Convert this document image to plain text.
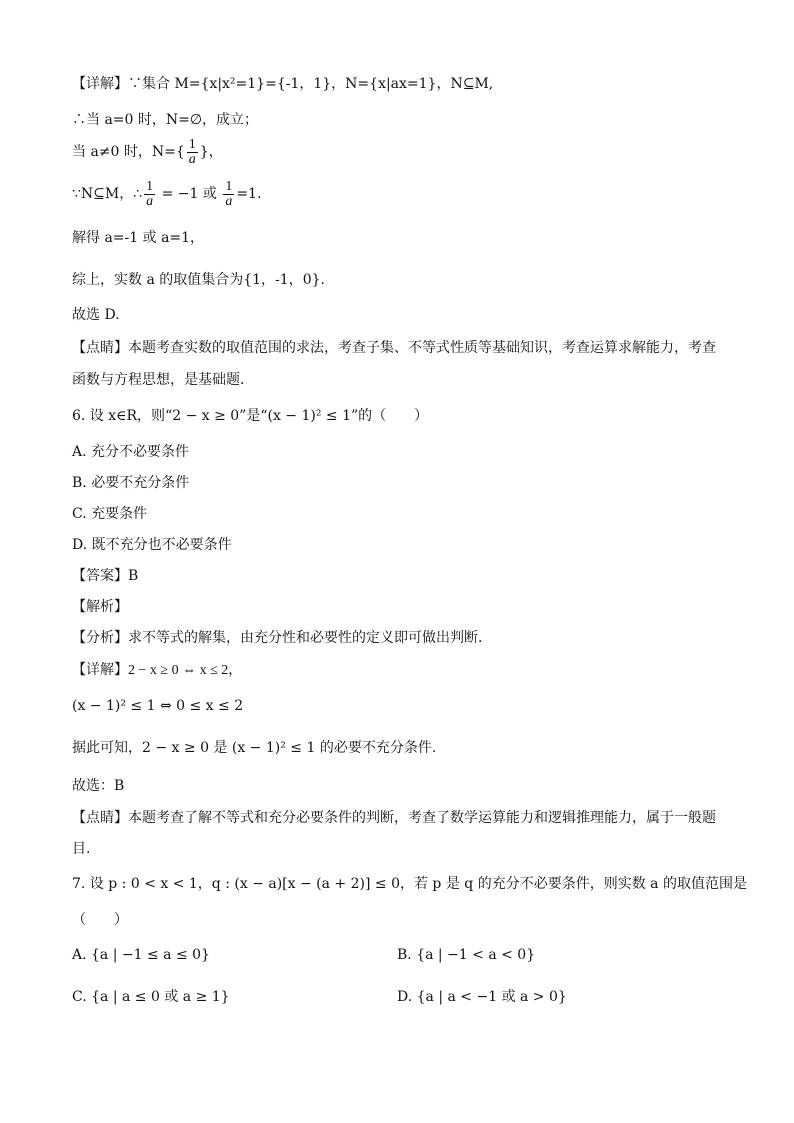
【详解】∵集合 M={x|x²=1}={-1，1}，N={x|ax=1}，N⊆M,
∴当 a=0 时，N=∅，成立；
当 a≠0 时，$N=\{ \frac{1}{a}$ }，
∵N⊆M，∴ $\frac{1}{a} = -1$ 或 $\frac{1}{a} =1$.
解得 a=-1 或 a=1，
综上，实数 a 的取值集合为{1，-1，0}.
故选 D.
【点睛】本题考查实数的取值范围的求法，考查子集、不等式性质等基础知识，考查运算求解能力，考查
函数与方程思想，是基础题．
6. 设 x∈R，则“2 − x ≥ 0”是“(x − 1)² ≤ 1”的（　　）
A. 充分不必要条件
B. 必要不充分条件
C. 充要条件
D. 既不充分也不必要条件
【答案】B
【解析】
【分析】求不等式的解集，由充分性和必要性的定义即可做出判断.
【详解】2 − x ≥ 0 ⇔ x ≤ 2，
(x − 1)² ≤ 1 ⇔ 0 ≤ x ≤ 2
据此可知，2 − x ≥ 0 是 (x − 1)² ≤ 1 的必要不充分条件.
故选：B
【点睛】本题考查了解不等式和充分必要条件的判断，考查了数学运算能力和逻辑推理能力，属于一般题
目.
7. 设 p : 0 < x < 1，q : (x − a)[x − (a + 2)] ≤ 0，若 p 是 q 的充分不必要条件，则实数 a 的取值范围是
（　　）
A. {a | −1 ≤ a ≤ 0}	B. {a | −1 < a < 0}
C. {a | a ≤ 0 或 a ≥ 1}	D. {a | a < −1 或 a > 0}
